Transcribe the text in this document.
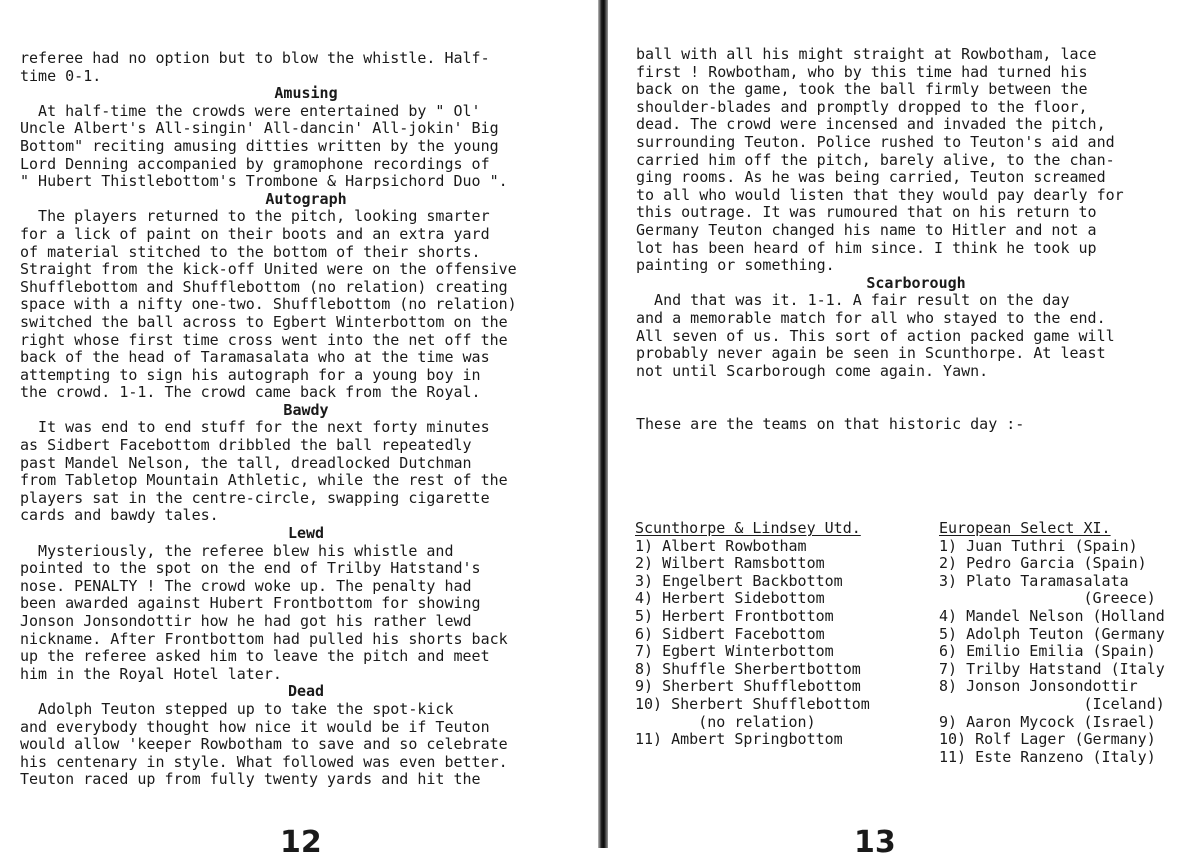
referee had no option but to blow the whistle. Half-
time 0-1.
Amusing
At half-time the crowds were entertained by " Ol'
Uncle Albert's All-singin' All-dancin' All-jokin' Big
Bottom" reciting amusing ditties written by the young
Lord Denning accompanied by gramophone recordings of
" Hubert Thistlebottom's Trombone & Harpsichord Duo ".
Autograph
The players returned to the pitch, looking smarter
for a lick of paint on their boots and an extra yard
of material stitched to the bottom of their shorts.
Straight from the kick-off United were on the offensive
Shufflebottom and Shufflebottom (no relation) creating
space with a nifty one-two. Shufflebottom (no relation)
switched the ball across to Egbert Winterbottom on the
right whose first time cross went into the net off the
back of the head of Taramasalata who at the time was
attempting to sign his autograph for a young boy in
the crowd. 1-1. The crowd came back from the Royal.
Bawdy
It was end to end stuff for the next forty minutes
as Sidbert Facebottom dribbled the ball repeatedly
past Mandel Nelson, the tall, dreadlocked Dutchman
from Tabletop Mountain Athletic, while the rest of the
players sat in the centre-circle, swapping cigarette
cards and bawdy tales.
Lewd
Mysteriously, the referee blew his whistle and
pointed to the spot on the end of Trilby Hatstand's
nose. PENALTY ! The crowd woke up. The penalty had
been awarded against Hubert Frontbottom for showing
Jonson Jonsondottir how he had got his rather lewd
nickname. After Frontbottom had pulled his shorts back
up the referee asked him to leave the pitch and meet
him in the Royal Hotel later.
Dead
Adolph Teuton stepped up to take the spot-kick
and everybody thought how nice it would be if Teuton
would allow 'keeper Rowbotham to save and so celebrate
his centenary in style. What followed was even better.
Teuton raced up from fully twenty yards and hit the
12
ball with all his might straight at Rowbotham, lace
first ! Rowbotham, who by this time had turned his
back on the game, took the ball firmly between the
shoulder-blades and promptly dropped to the floor,
dead. The crowd were incensed and invaded the pitch,
surrounding Teuton. Police rushed to Teuton's aid and
carried him off the pitch, barely alive, to the chan-
ging rooms. As he was being carried, Teuton screamed
to all who would listen that they would pay dearly for
this outrage. It was rumoured that on his return to
Germany Teuton changed his name to Hitler and not a
lot has been heard of him since. I think he took up
painting or something.
Scarborough
And that was it. 1-1. A fair result on the day
and a memorable match for all who stayed to the end.
All seven of us. This sort of action packed game will
probably never again be seen in Scunthorpe. At least
not until Scarborough come again. Yawn.
These are the teams on that historic day :-
13
Scunthorpe & Lindsey Utd.
1) Albert Rowbotham
2) Wilbert Ramsbottom
3) Engelbert Backbottom
4) Herbert Sidebottom
5) Herbert Frontbottom
6) Sidbert Facebottom
7) Egbert Winterbottom
8) Shuffle Sherbertbottom
9) Sherbert Shufflebottom
10) Sherbert Shufflebottom
(no relation)
11) Ambert Springbottom
European Select XI.
1) Juan Tuthri (Spain)
2) Pedro Garcia (Spain)
3) Plato Taramasalata
(Greece)
4) Mandel Nelson (Holland
5) Adolph Teuton (Germany
6) Emilio Emilia (Spain)
7) Trilby Hatstand (Italy
8) Jonson Jonsondottir
(Iceland)
9) Aaron Mycock (Israel)
10) Rolf Lager (Germany)
11) Este Ranzeno (Italy)
